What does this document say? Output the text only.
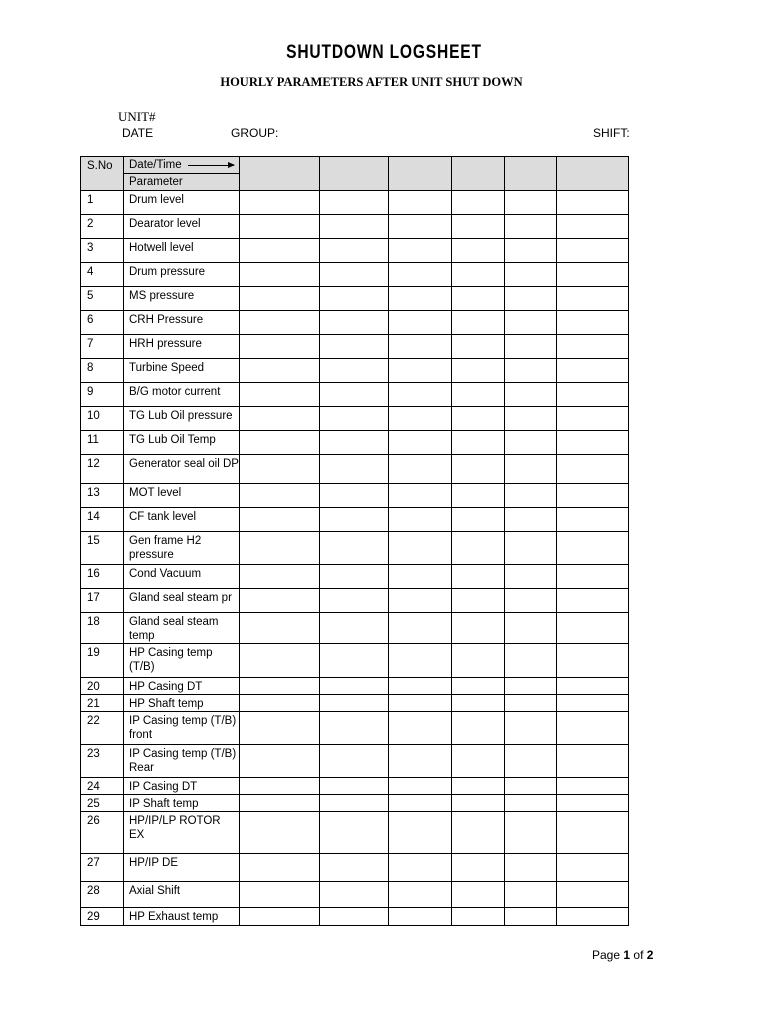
SHUTDOWN LOGSHEET
HOURLY PARAMETERS AFTER UNIT SHUT DOWN
UNIT#
DATE	GROUP:	SHIFT:
S.No	Date/Time
Parameter						

1	Drum level						
2	Dearator level						
3	Hotwell level						
4	Drum pressure						
5	MS pressure						
6	CRH Pressure						
7	HRH pressure						
8	Turbine Speed						
9	B/G motor current						
10	TG Lub Oil pressure						
11	TG Lub Oil Temp						
12	Generator seal oil DP						
13	MOT level						
14	CF tank level						
15	Gen frame H2 pressure						
16	Cond Vacuum						
17	Gland seal steam pr						
18	Gland seal steam temp						
19	HP Casing temp (T/B)						
20	HP Casing DT						
21	HP Shaft temp						
22	IP Casing temp (T/B) front						
23	IP Casing temp (T/B) Rear						
24	IP Casing DT						
25	IP Shaft temp						
26	HP/IP/LP ROTOR EX						
27	HP/IP DE						
28	Axial Shift						
29	HP Exhaust temp						
Page 1 of 2
